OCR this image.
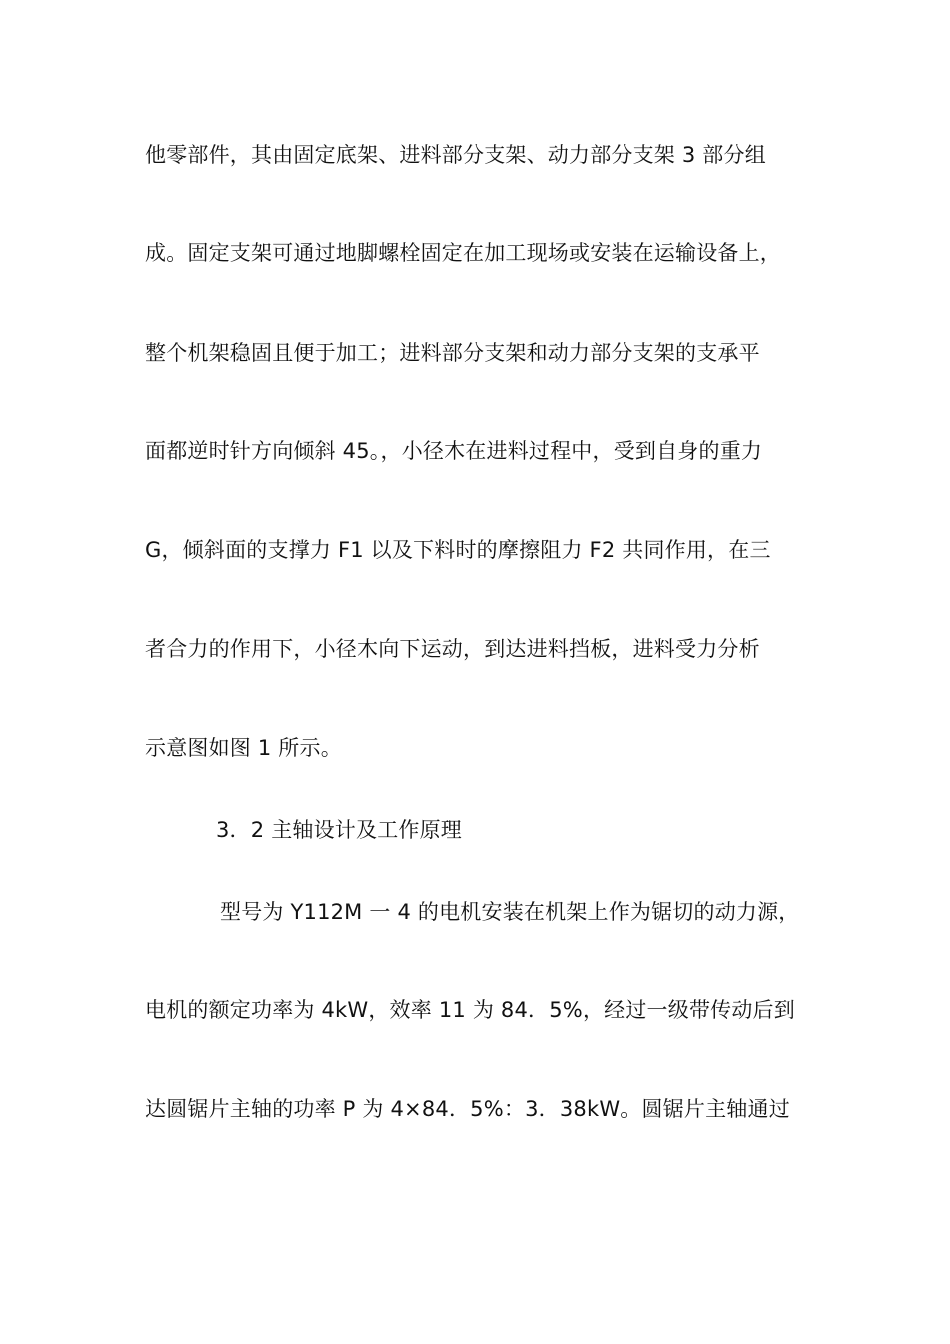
他零部件，其由固定底架、进料部分支架、动力部分支架 3 部分组
成。固定支架可通过地脚螺栓固定在加工现场或安装在运输设备上，
整个机架稳固且便于加工；进料部分支架和动力部分支架的支承平
面都逆时针方向倾斜 45。，小径木在进料过程中，受到自身的重力
G，倾斜面的支撑力 F1 以及下料时的摩擦阻力 F2 共同作用，在三
者合力的作用下，小径木向下运动，到达进料挡板，进料受力分析
示意图如图 1 所示。
3．2 主轴设计及工作原理
型号为 Y112M 一 4 的电机安装在机架上作为锯切的动力源，
电机的额定功率为 4kW，效率 11 为 84．5%，经过一级带传动后到
达圆锯片主轴的功率 P 为 4×84．5%：3．38kW。圆锯片主轴通过
